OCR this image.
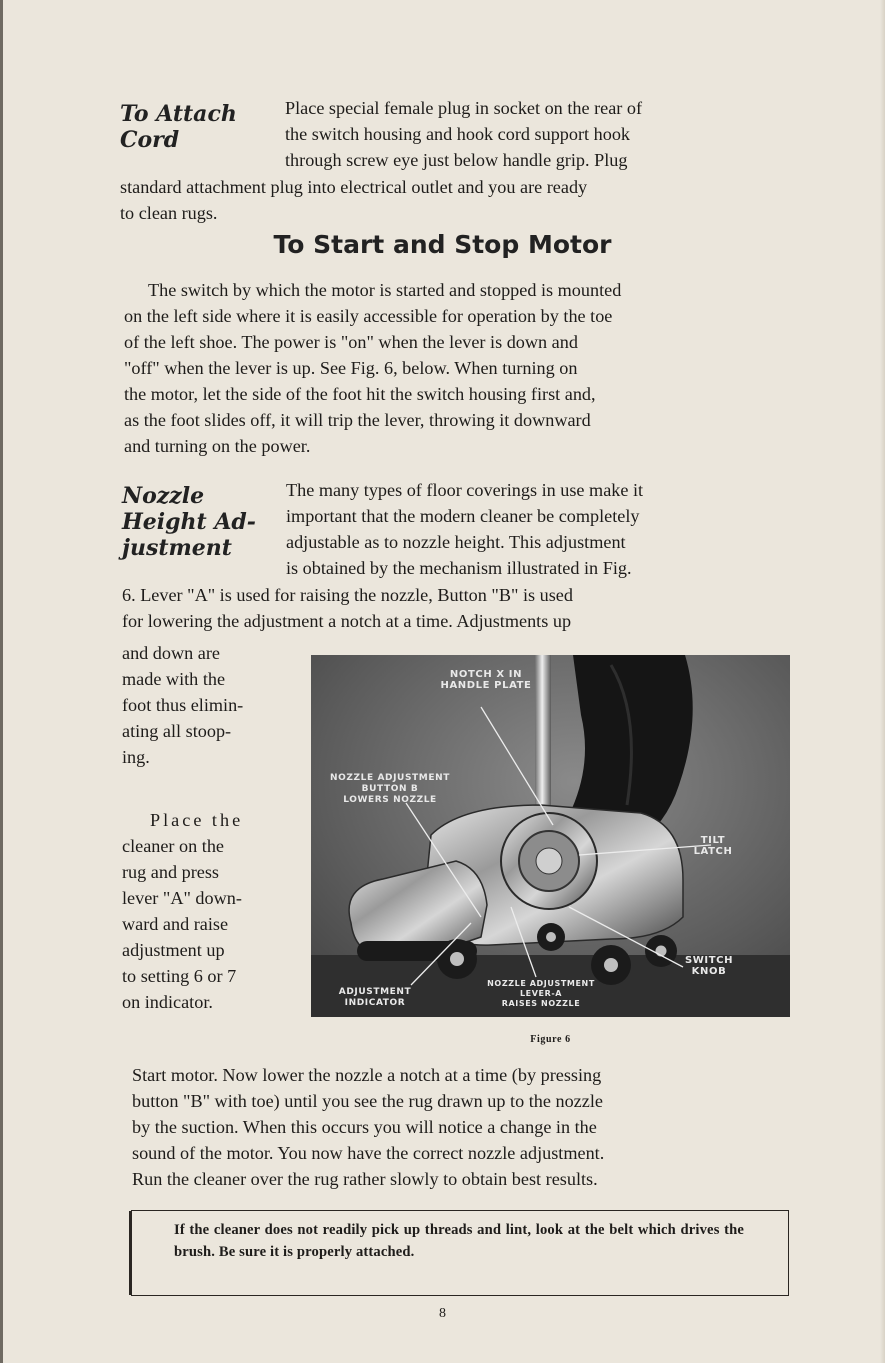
To Attach

Cord

Place special female plug in socket on the rear of

the switch housing and hook cord support hook

through screw eye just below handle grip. Plug

standard attachment plug into electrical outlet and you are ready

to clean rugs.

To Start and Stop Motor

The switch by which the motor is started and stopped is mounted

on the left side where it is easily accessible for operation by the toe

of the left shoe. The power is "on" when the lever is down and

"off" when the lever is up. See Fig. 6, below. When turning on

the motor, let the side of the foot hit the switch housing first and,

as the foot slides off, it will trip the lever, throwing it downward

and turning on the power.

Nozzle

Height Ad-

justment

The many types of floor coverings in use make it

important that the modern cleaner be completely

adjustable as to nozzle height. This adjustment

is obtained by the mechanism illustrated in Fig.

6. Lever "A" is used for raising the nozzle, Button "B" is used

for lowering the adjustment a notch at a time. Adjustments up

and down are

made with the

foot thus elimin-

ating all stoop-

ing.

Place the

cleaner on the

rug and press

lever "A" down-

ward and raise

adjustment up

to setting 6 or 7

on indicator.

NOTCH X IN
HANDLE PLATE

NOZZLE ADJUSTMENT
BUTTON B
LOWERS NOZZLE

TILT
LATCH

SWITCH
KNOB

NOZZLE ADJUSTMENT
LEVER-A
RAISES NOZZLE

ADJUSTMENT
INDICATOR

Figure 6

Start motor. Now lower the nozzle a notch at a time (by pressing

button "B" with toe) until you see the rug drawn up to the nozzle

by the suction. When this occurs you will notice a change in the

sound of the motor. You now have the correct nozzle adjustment.

Run the cleaner over the rug rather slowly to obtain best results.

If the cleaner does not readily pick up threads and lint, look at the belt which drives the brush. Be sure it is properly attached.

8
